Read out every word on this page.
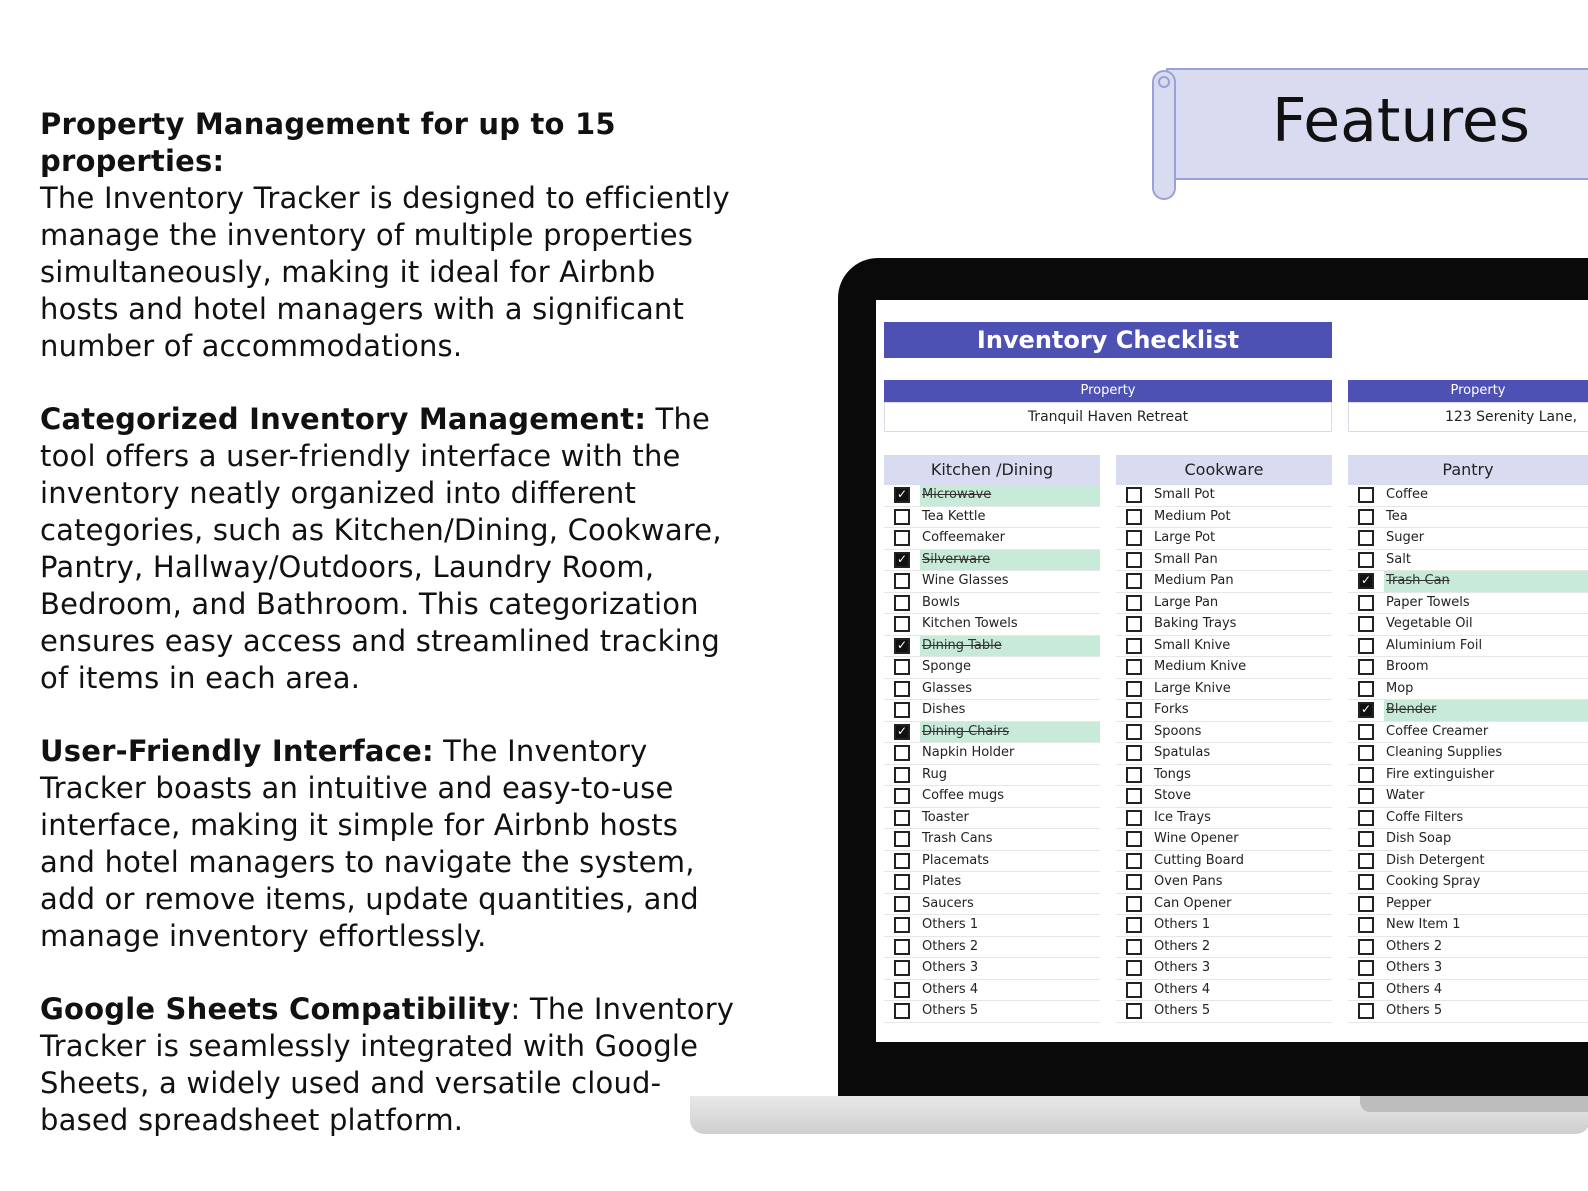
Property Management for up to 15 properties:
The Inventory Tracker is designed to efficiently manage the inventory of multiple properties simultaneously, making it ideal for Airbnb hosts and hotel managers with a significant number of accommodations.

Categorized Inventory Management: The tool offers a user-friendly interface with the inventory neatly organized into different categories, such as Kitchen/Dining, Cookware, Pantry, Hallway/Outdoors, Laundry Room, Bedroom, and Bathroom. This categorization ensures easy access and streamlined tracking of items in each area.

User-Friendly Interface: The Inventory Tracker boasts an intuitive and easy-to-use interface, making it simple for Airbnb hosts and hotel managers to navigate the system, add or remove items, update quantities, and manage inventory effortlessly.

Google Sheets Compatibility: The Inventory Tracker is seamlessly integrated with Google Sheets, a widely used and versatile cloud-based spreadsheet platform.

Features
Inventory Checklist
Property
Tranquil Haven Retreat
Property
123 Serenity Lane,
Kitchen /Dining
✓
Microwave
Tea Kettle
Coffeemaker
✓
Silverware
Wine Glasses
Bowls
Kitchen Towels
✓
Dining Table
Sponge
Glasses
Dishes
✓
Dining Chairs
Napkin Holder
Rug
Coffee mugs
Toaster
Trash Cans
Placemats
Plates
Saucers
Others 1
Others 2
Others 3
Others 4
Others 5
Cookware
Small Pot
Medium Pot
Large Pot
Small Pan
Medium Pan
Large Pan
Baking Trays
Small Knive
Medium Knive
Large Knive
Forks
Spoons
Spatulas
Tongs
Stove
Ice Trays
Wine Opener
Cutting Board
Oven Pans
Can Opener
Others 1
Others 2
Others 3
Others 4
Others 5
Pantry
Coffee
Tea
Suger
Salt
✓
Trash Can
Paper Towels
Vegetable Oil
Aluminium Foil
Broom
Mop
✓
Blender
Coffee Creamer
Cleaning Supplies
Fire extinguisher
Water
Coffe Filters
Dish Soap
Dish Detergent
Cooking Spray
Pepper
New Item 1
Others 2
Others 3
Others 4
Others 5
